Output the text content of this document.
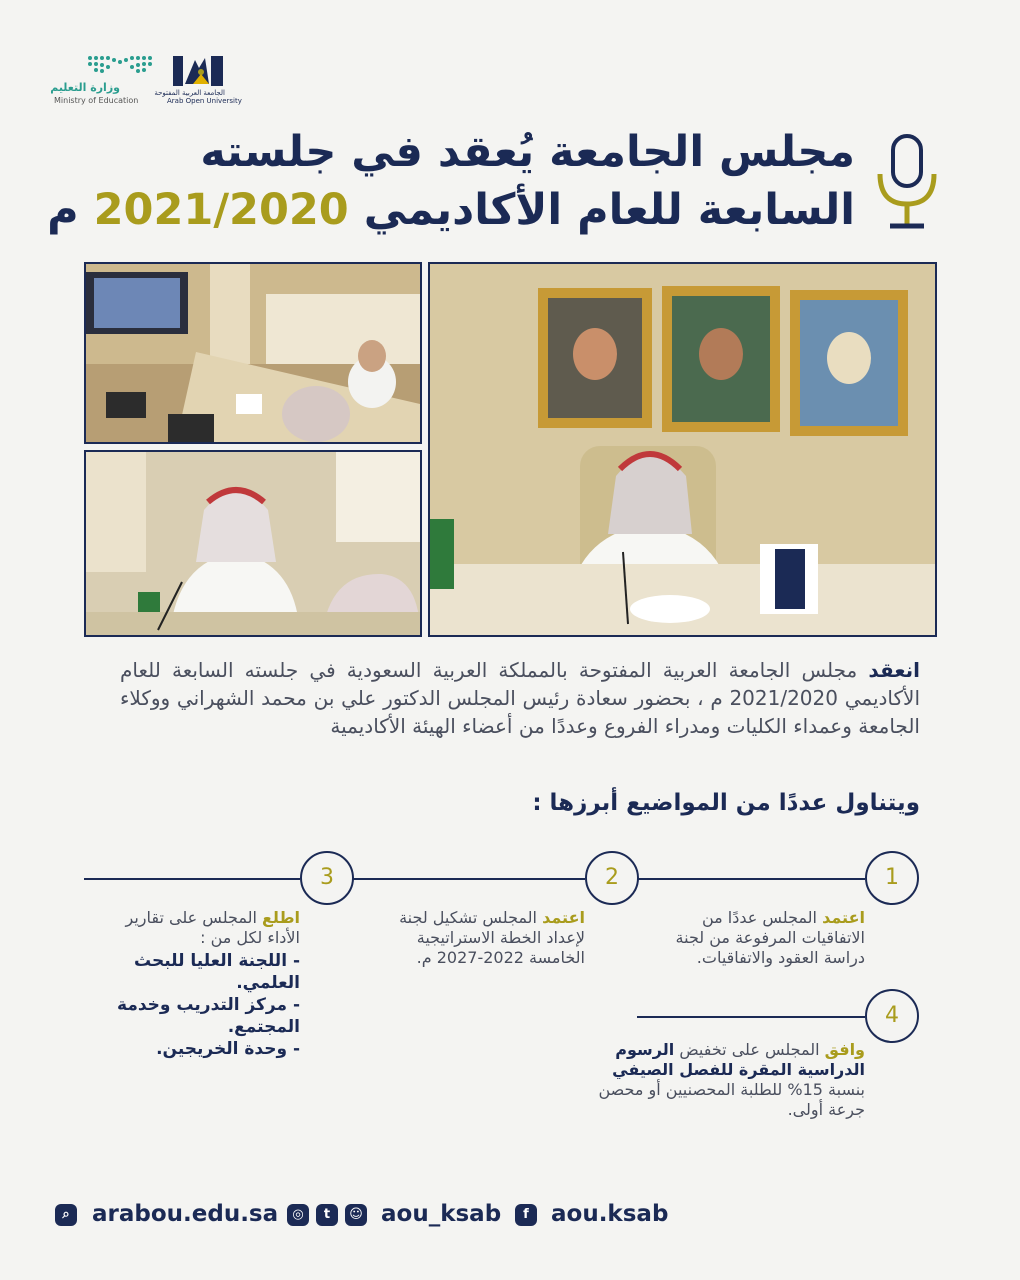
وزارة التعليم
Ministry of Education
الجامعة العربية المفتوحة
Arab Open University
مجلس الجامعة يُعقد في جلسته
السابعة للعام الأكاديمي 2021/2020 م
انعقد مجلس الجامعة العربية المفتوحة بالمملكة العربية السعودية في جلسته السابعة للعام الأكاديمي 2021/2020 م ، بحضور سعادة رئيس المجلس الدكتور علي بن محمد الشهراني ووكلاء الجامعة وعمداء الكليات ومدراء الفروع وعددًا من أعضاء الهيئة الأكاديمية
ويتناول عددًا من المواضيع أبرزها :
1
2
3
4
اعتمد المجلس عددًا من الاتفاقيات المرفوعة من لجنة دراسة العقود والاتفاقيات.
اعتمد المجلس تشكيل لجنة لإعداد الخطة الاستراتيجية الخامسة 2022-2027 م.
اطلع المجلس على تقارير الأداء لكل من :
- اللجنة العليا للبحث العلمي.
- مركز التدريب وخدمة المجتمع.
- وحدة الخريجين.	وافق المجلس على تخفيض الرسوم الدراسية المقرة للفصل الصيفي بنسبة 15% للطلبة المحصنيين أو محصن جرعة أولى.
⌕ arabou.edu.sa	◎	t	☺ aou_ksab	f aou.ksab
